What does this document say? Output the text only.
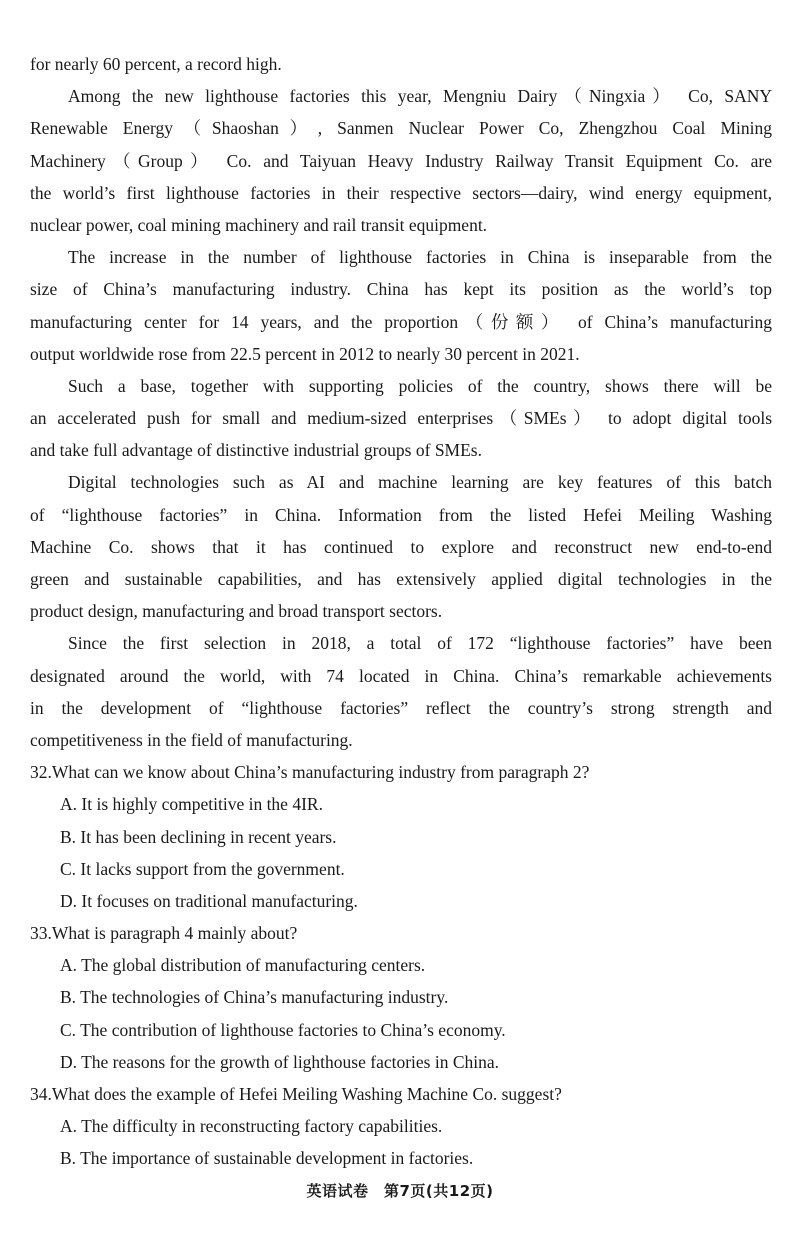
for nearly 60 percent, a record high.
Among the new lighthouse factories this year, Mengniu Dairy（Ningxia） Co, SANY
Renewable Energy（Shaoshan）, Sanmen Nuclear Power Co, Zhengzhou Coal Mining
Machinery（Group） Co. and Taiyuan Heavy Industry Railway Transit Equipment Co. are
the world’s first lighthouse factories in their respective sectors—dairy, wind energy equipment,
nuclear power, coal mining machinery and rail transit equipment.
The increase in the number of lighthouse factories in China is inseparable from the
size of China’s manufacturing industry. China has kept its position as the world’s top
manufacturing center for 14 years, and the proportion（份额） of China’s manufacturing
output worldwide rose from 22.5 percent in 2012 to nearly 30 percent in 2021.
Such a base, together with supporting policies of the country, shows there will be
an accelerated push for small and medium-sized enterprises（SMEs） to adopt digital tools
and take full advantage of distinctive industrial groups of SMEs.
Digital technologies such as AI and machine learning are key features of this batch
of “lighthouse factories” in China. Information from the listed Hefei Meiling Washing
Machine Co. shows that it has continued to explore and reconstruct new end-to-end
green and sustainable capabilities, and has extensively applied digital technologies in the
product design, manufacturing and broad transport sectors.
Since the first selection in 2018, a total of 172 “lighthouse factories” have been
designated around the world, with 74 located in China. China’s remarkable achievements
in the development of “lighthouse factories” reflect the country’s strong strength and
competitiveness in the field of manufacturing.
32.What can we know about China’s manufacturing industry from paragraph 2?
A. It is highly competitive in the 4IR.
B. It has been declining in recent years.
C. It lacks support from the government.
D. It focuses on traditional manufacturing.
33.What is paragraph 4 mainly about?
A. The global distribution of manufacturing centers.
B. The technologies of China’s manufacturing industry.
C. The contribution of lighthouse factories to China’s economy.
D. The reasons for the growth of lighthouse factories in China.
34.What does the example of Hefei Meiling Washing Machine Co. suggest?
A. The difficulty in reconstructing factory capabilities.
B. The importance of sustainable development in factories.
英语试卷　第7页(共12页)
